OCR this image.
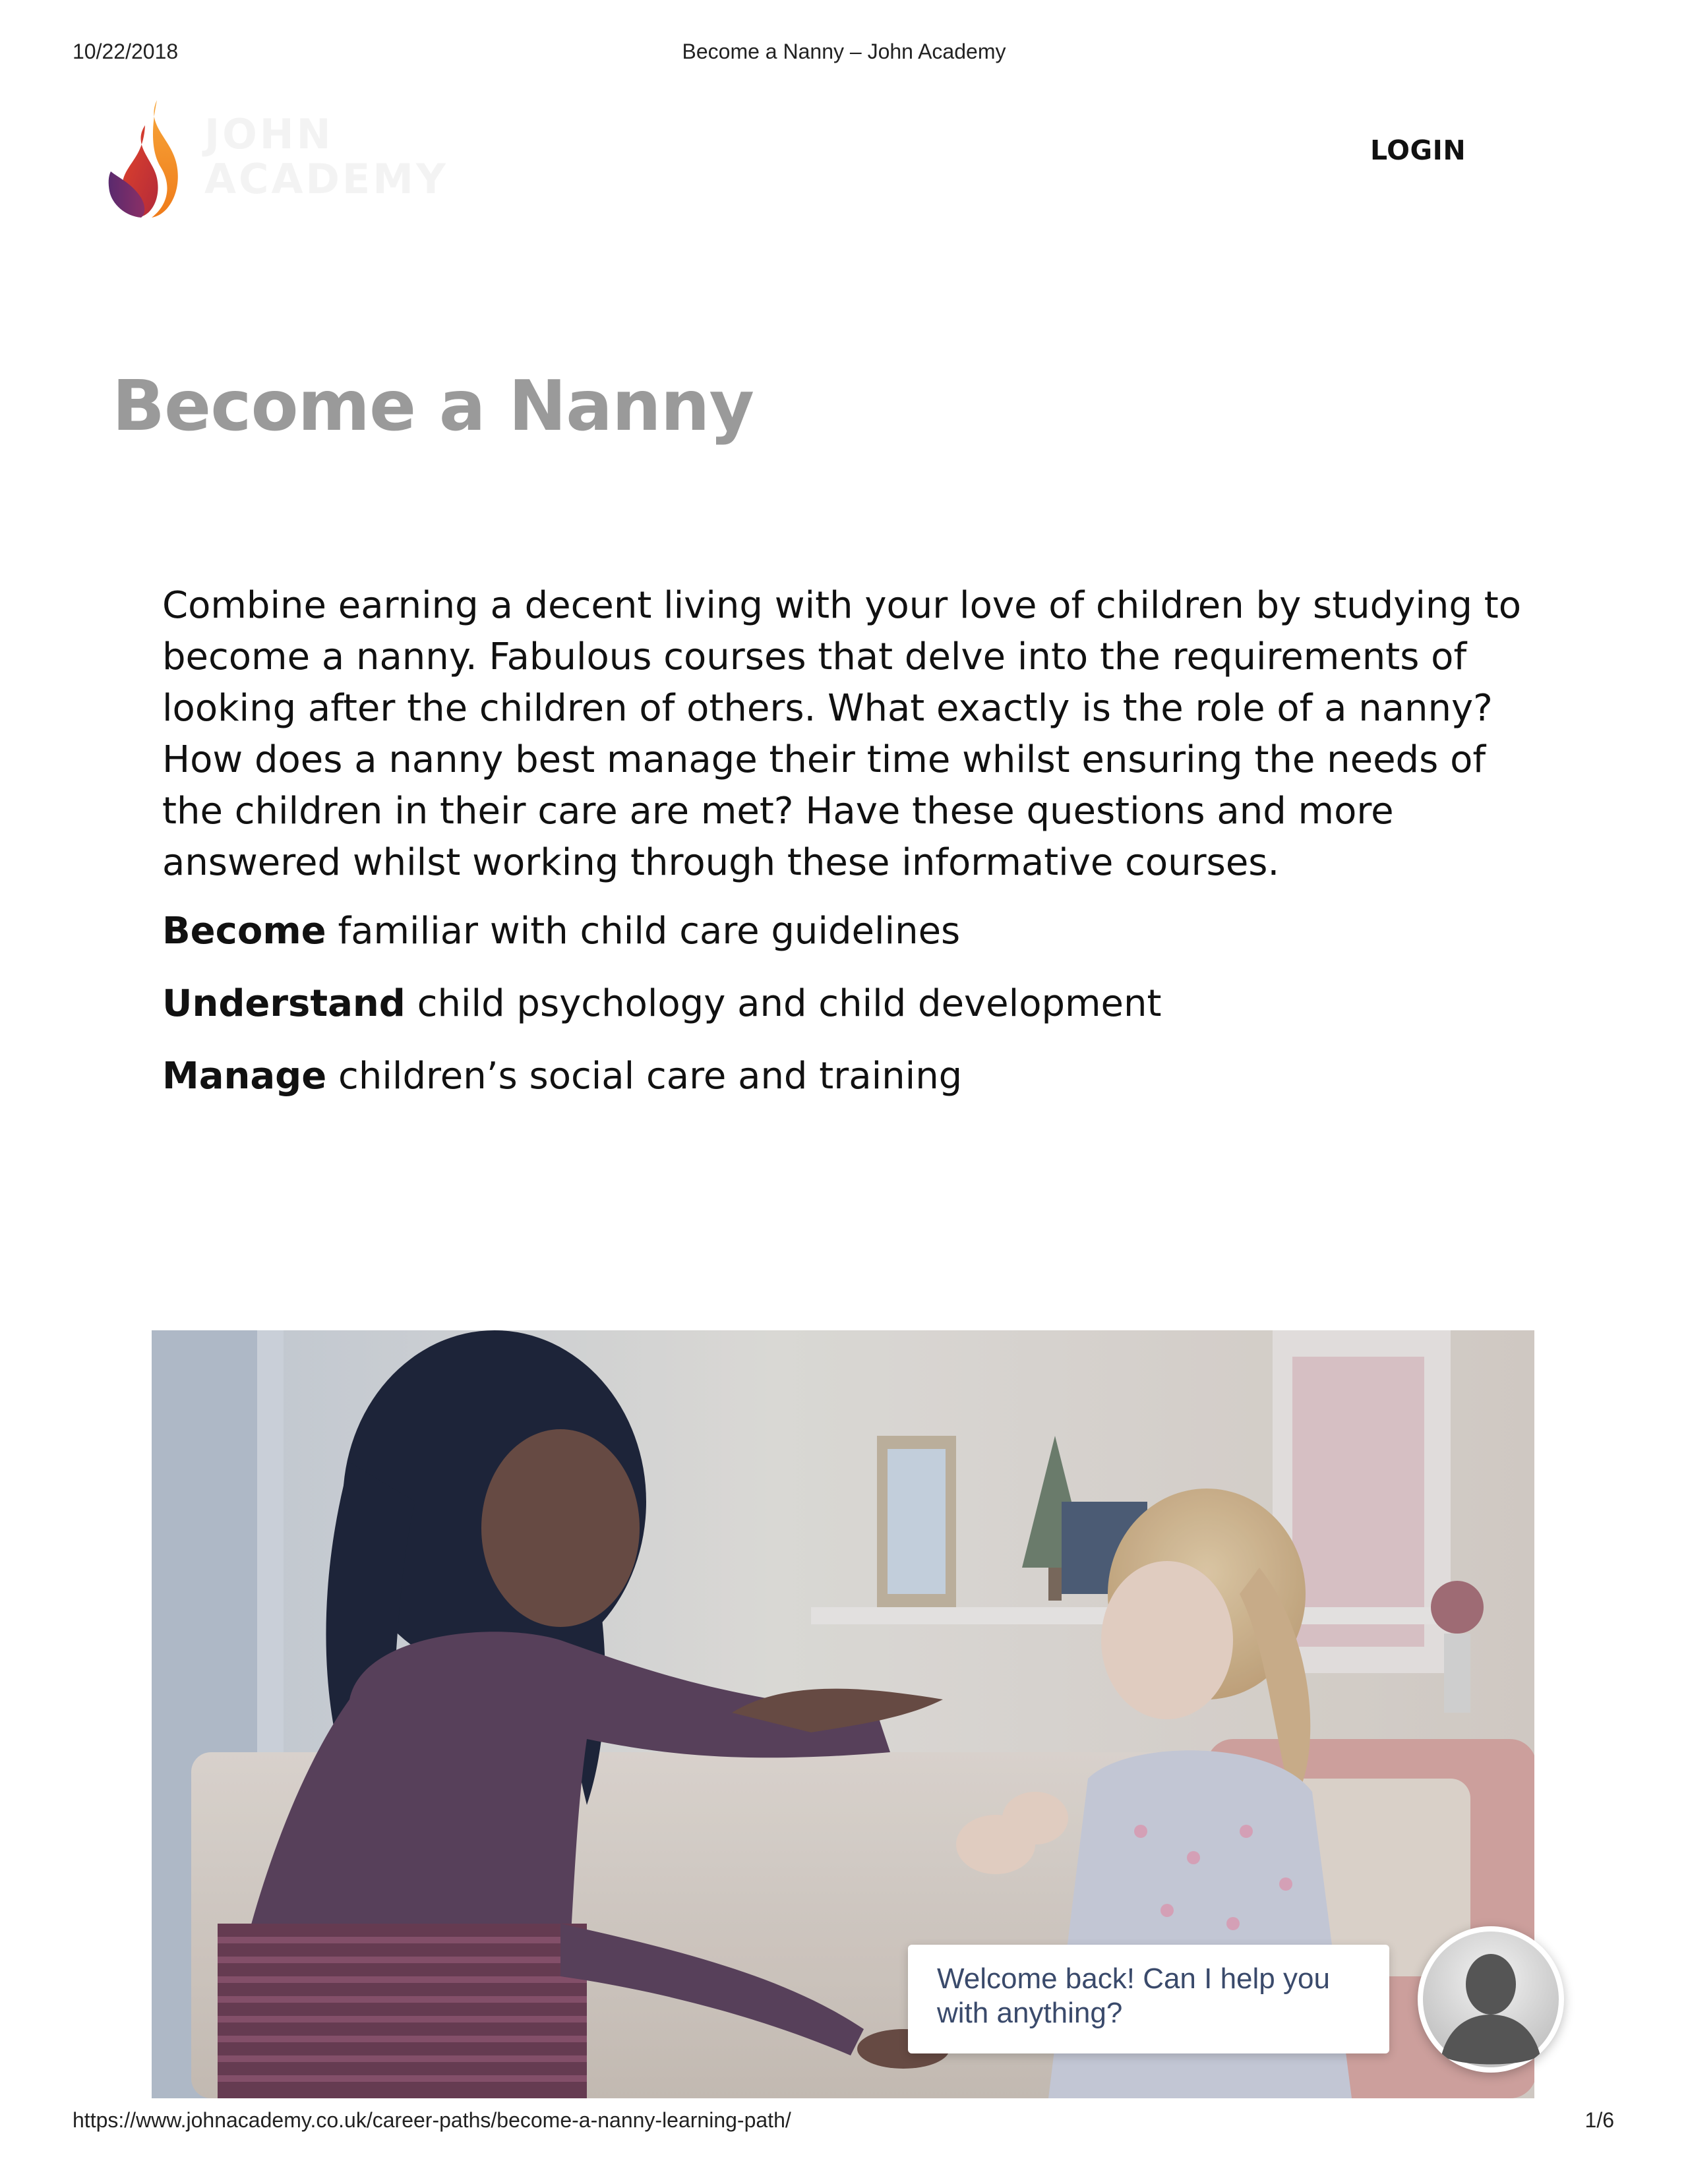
10/22/2018	Become a Nanny – John Academy
JOHN
ACADEMY
LOGIN
Become a Nanny

Combine earning a decent living with your love of children by studying to
become a nanny. Fabulous courses that delve into the requirements of
looking after the children of others. What exactly is the role of a nanny?
How does a nanny best manage their time whilst ensuring the needs of
the children in their care are met? Have these questions and more
answered whilst working through these informative courses.

Become familiar with child care guidelines

Understand child psychology and child development

Manage children’s social care and training

Welcome back! Can I help you
with anything?
https://www.johnacademy.co.uk/career-paths/become-a-nanny-learning-path/	1/6
